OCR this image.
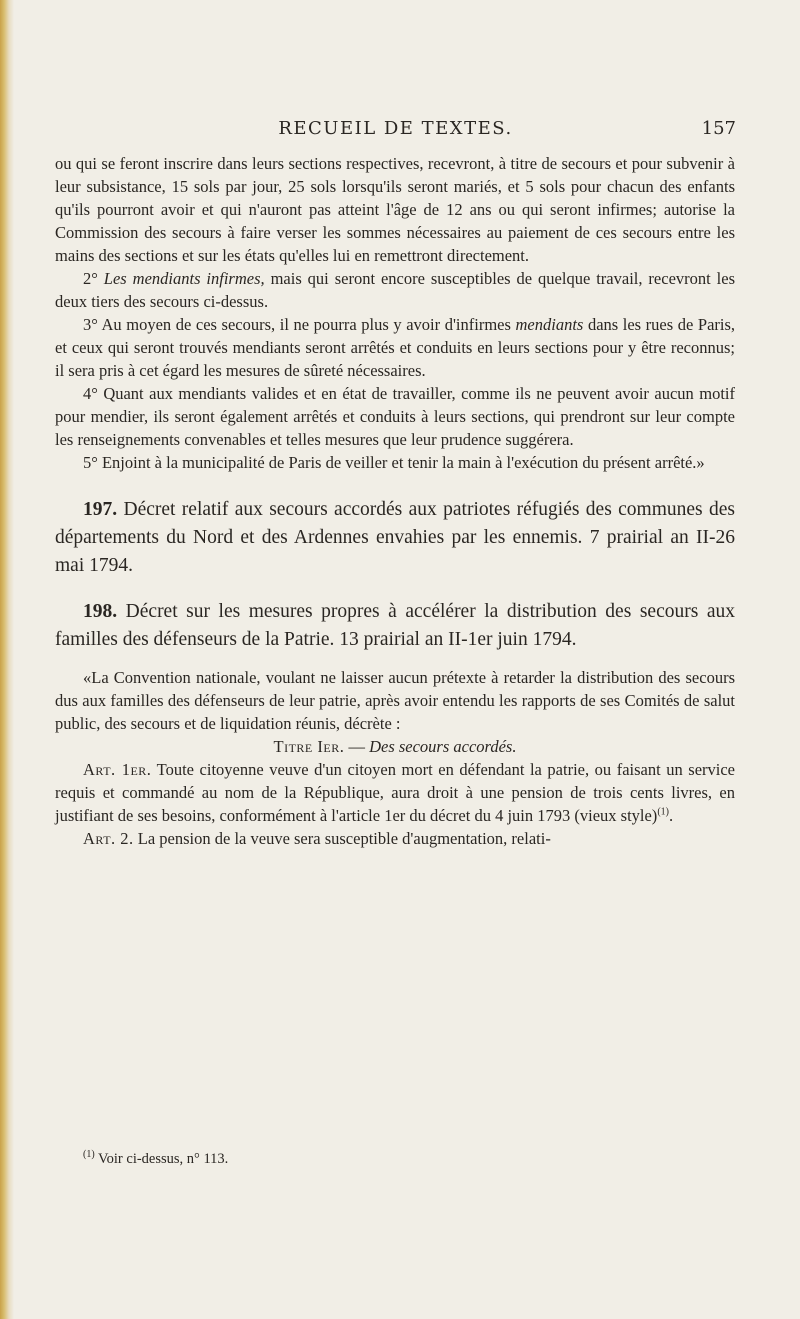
RECUEIL DE TEXTES.	157

ou qui se feront inscrire dans leurs sections respectives, recevront, à titre de secours et pour subvenir à leur subsistance, 15 sols par jour, 25 sols lorsqu'ils seront mariés, et 5 sols pour chacun des enfants qu'ils pourront avoir et qui n'auront pas atteint l'âge de 12 ans ou qui seront infirmes; autorise la Commission des secours à faire verser les sommes nécessaires au paiement de ces secours entre les mains des sections et sur les états qu'elles lui en remettront directement.

2° Les mendiants infirmes, mais qui seront encore susceptibles de quelque travail, recevront les deux tiers des secours ci-dessus.

3° Au moyen de ces secours, il ne pourra plus y avoir d'infirmes mendiants dans les rues de Paris, et ceux qui seront trouvés mendiants seront arrêtés et conduits en leurs sections pour y être reconnus; il sera pris à cet égard les mesures de sûreté nécessaires.

4° Quant aux mendiants valides et en état de travailler, comme ils ne peuvent avoir aucun motif pour mendier, ils seront également arrêtés et conduits à leurs sections, qui prendront sur leur compte les renseignements convenables et telles mesures que leur prudence suggérera.

5° Enjoint à la municipalité de Paris de veiller et tenir la main à l'exécution du présent arrêté.»

197. Décret relatif aux secours accordés aux patriotes réfugiés des communes des départements du Nord et des Ardennes envahies par les ennemis. 7 prairial an II-26 mai 1794.

198. Décret sur les mesures propres à accélérer la distribution des secours aux familles des défenseurs de la Patrie. 13 prairial an II-1er juin 1794.

«La Convention nationale, voulant ne laisser aucun prétexte à retarder la distribution des secours dus aux familles des défenseurs de leur patrie, après avoir entendu les rapports de ses Comités de salut public, des secours et de liquidation réunis, décrète :

Titre Ier. — Des secours accordés.

Art. 1er. Toute citoyenne veuve d'un citoyen mort en défendant la patrie, ou faisant un service requis et commandé au nom de la République, aura droit à une pension de trois cents livres, en justifiant de ses besoins, conformément à l'article 1er du décret du 4 juin 1793 (vieux style)$^{(1)}$.

Art. 2. La pension de la veuve sera susceptible d'augmentation, relati-

$^{(1)}$ Voir ci-dessus, n° 113.
